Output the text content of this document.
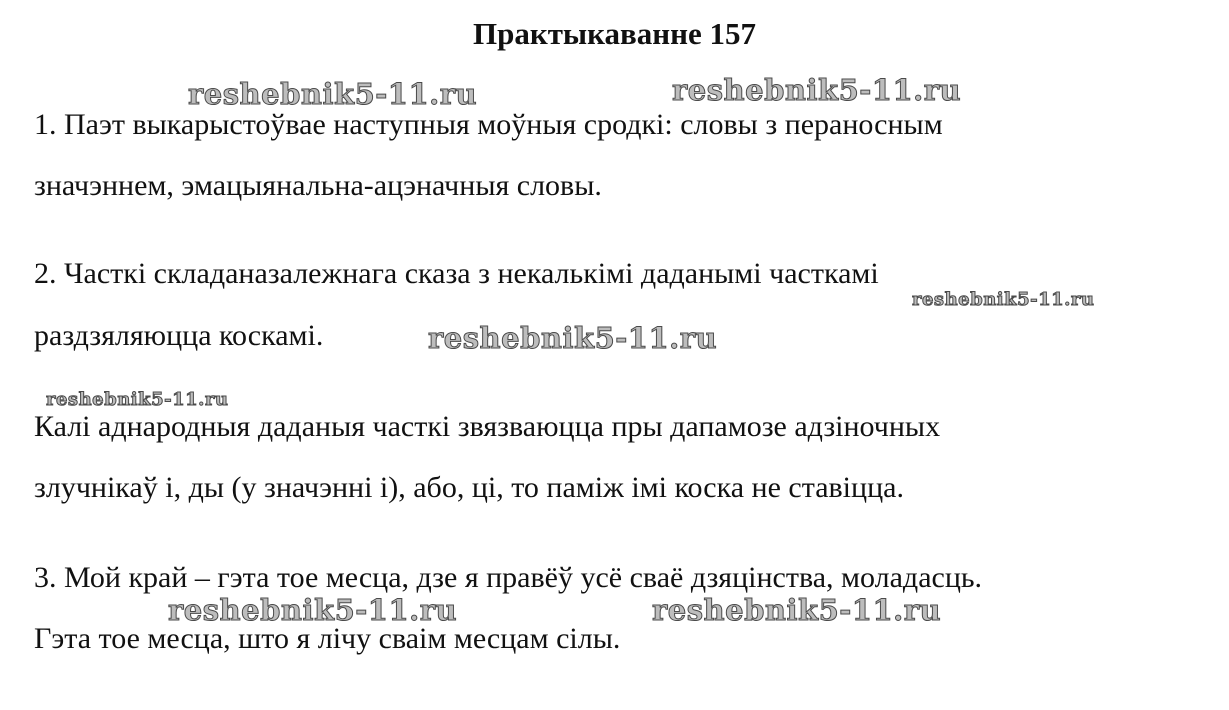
Практыкаванне 157

1. Паэт выкарыстоўвае наступныя моўныя сродкі: словы з пераносным

значэннем, эмацыянальна-ацэначныя словы.

2. Часткі складаназалежнага сказа з некалькімі даданымі часткамі

раздзяляюцца коскамі.

Калі аднародныя даданыя часткі звязваюцца пры дапамозе адзіночных

злучнікаў і, ды (у значэнні і), або, ці, то паміж імі коска не ставіцца.

3. Мой край – гэта тое месца, дзе я правёў усё сваё дзяцінства, моладасць.

Гэта тое месца, што я лічу сваім месцам сілы.

reshebnik5-11.ru	reshebnik5-11.ru
reshebnik5-11.ru
reshebnik5-11.ru
reshebnik5-11.ru
reshebnik5-11.ru	reshebnik5-11.ru
